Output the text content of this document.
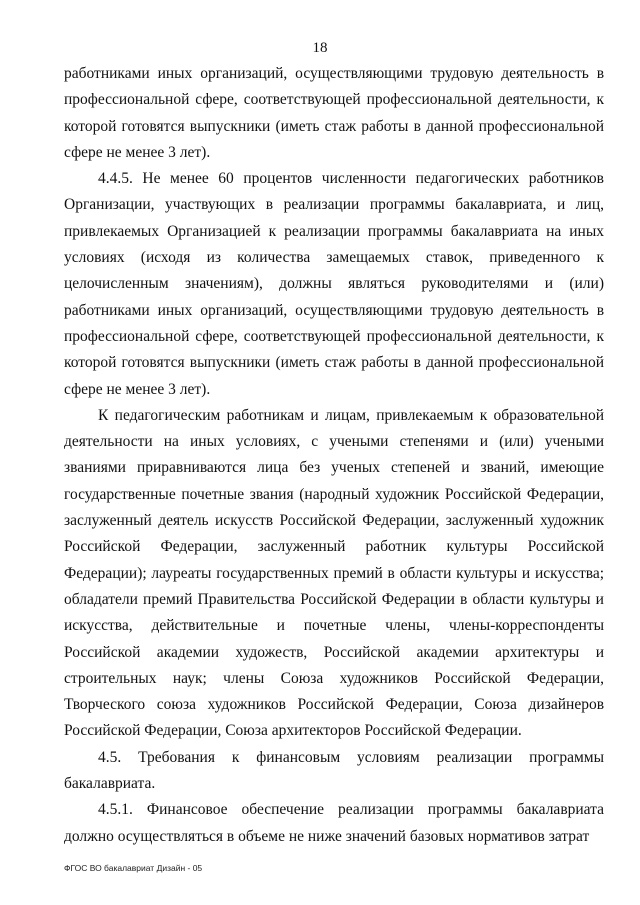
18

работниками иных организаций, осуществляющими трудовую деятельность в профессиональной сфере, соответствующей профессиональной деятельности, к которой готовятся выпускники (иметь стаж работы в данной профессиональной сфере не менее 3 лет).

4.4.5. Не менее 60 процентов численности педагогических работников Организации, участвующих в реализации программы бакалавриата, и лиц, привлекаемых Организацией к реализации программы бакалавриата на иных условиях (исходя из количества замещаемых ставок, приведенного к целочисленным значениям), должны являться руководителями и (или) работниками иных организаций, осуществляющими трудовую деятельность в профессиональной сфере, соответствующей профессиональной деятельности, к которой готовятся выпускники (иметь стаж работы в данной профессиональной сфере не менее 3 лет).

К педагогическим работникам и лицам, привлекаемым к образовательной деятельности на иных условиях, с учеными степенями и (или) учеными званиями приравниваются лица без ученых степеней и званий, имеющие государственные почетные звания (народный художник Российской Федерации, заслуженный деятель искусств Российской Федерации, заслуженный художник Российской Федерации, заслуженный работник культуры Российской Федерации); лауреаты государственных премий в области культуры и искусства; обладатели премий Правительства Российской Федерации в области культуры и искусства, действительные и почетные члены, члены-корреспонденты Российской академии художеств, Российской академии архитектуры и строительных наук; члены Союза художников Российской Федерации, Творческого союза художников Российской Федерации, Союза дизайнеров Российской Федерации, Союза архитекторов Российской Федерации.

4.5. Требования к финансовым условиям реализации программы бакалавриата.

4.5.1. Финансовое обеспечение реализации программы бакалавриата должно осуществляться в объеме не ниже значений базовых нормативов затрат

ФГОС ВО бакалавриат Дизайн - 05
